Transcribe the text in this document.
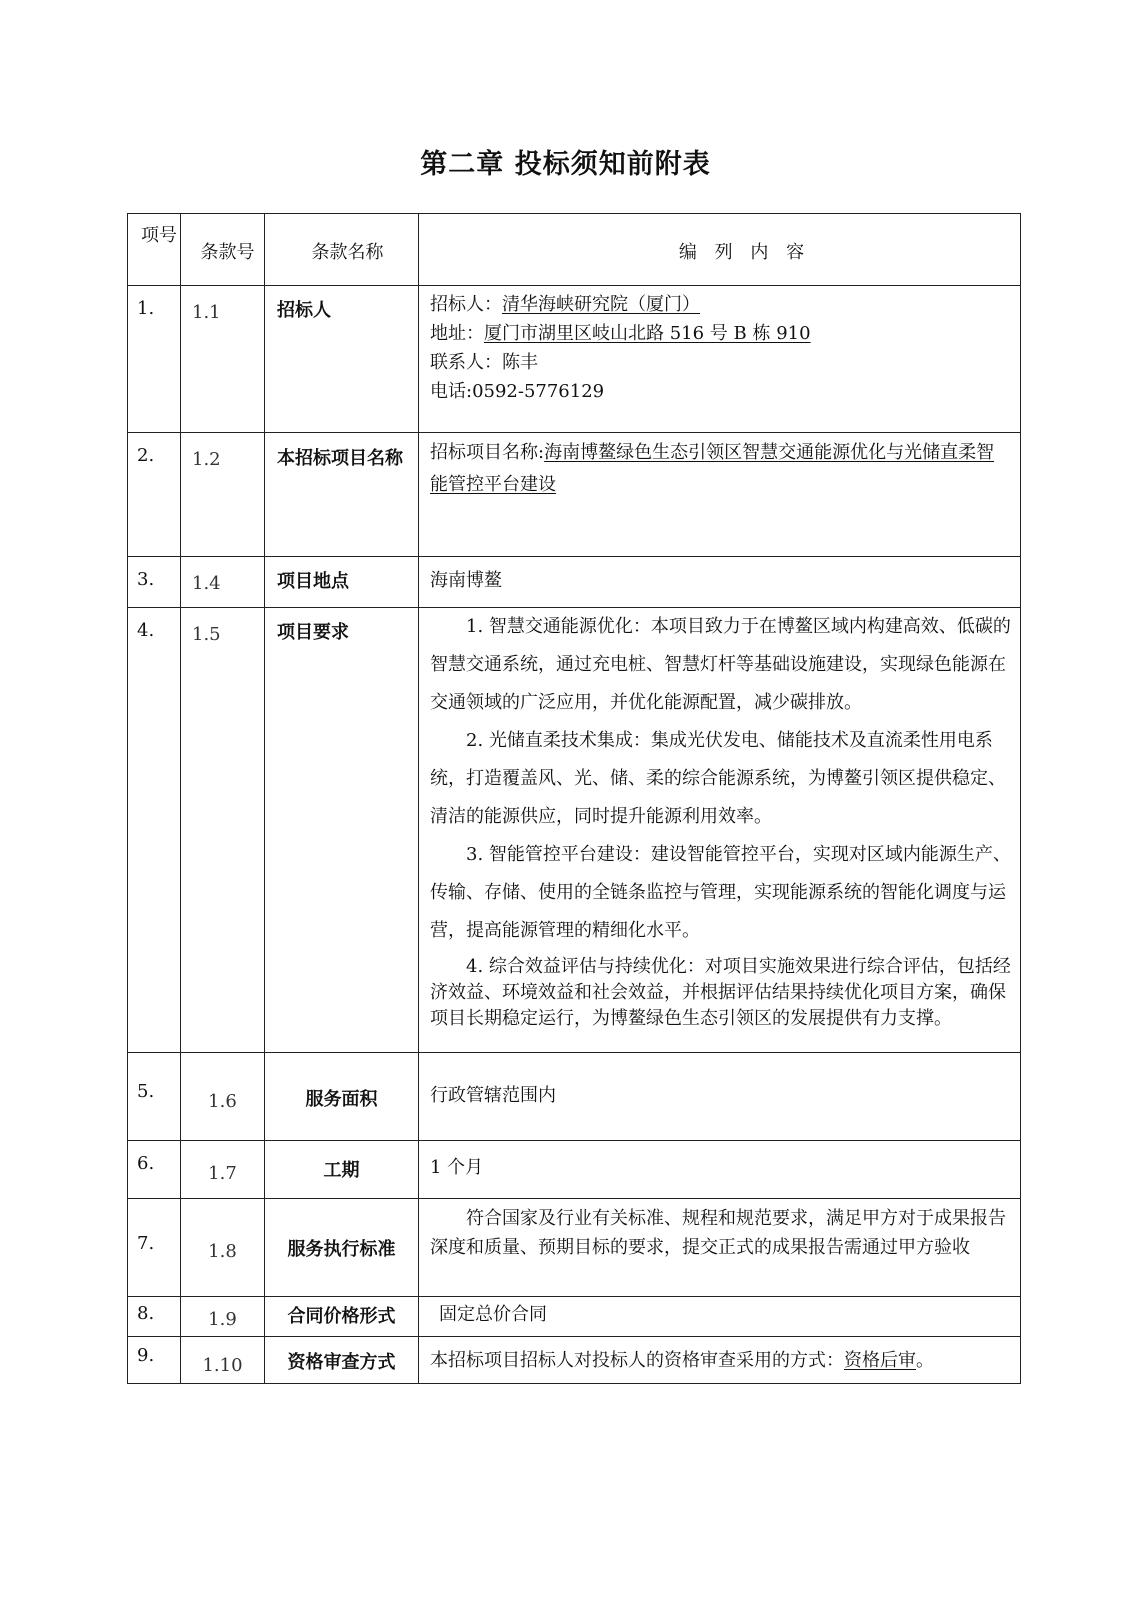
第二章 投标须知前附表
项号	条款号	条款名称	编 列 内 容
1.	1.1	招标人	招标人：清华海峡研究院（厦门）
地址：厦门市湖里区岐山北路 516 号 B 栋 910
联系人：陈丰
电话:0592-5776129

2.	1.2	本招标项目名称	招标项目名称:海南博鳌绿色生态引领区智慧交通能源优化与光储直柔智能管控平台建设
3.	1.4	项目地点	海南博鳌
4.	1.5	项目要求	1. 智慧交通能源优化：本项目致力于在博鳌区域内构建高效、低碳的智慧交通系统，通过充电桩、智慧灯杆等基础设施建设，实现绿色能源在交通领域的广泛应用，并优化能源配置，减少碳排放。

2. 光储直柔技术集成：集成光伏发电、储能技术及直流柔性用电系统，打造覆盖风、光、储、柔的综合能源系统，为博鳌引领区提供稳定、清洁的能源供应，同时提升能源利用效率。

3. 智能管控平台建设：建设智能管控平台，实现对区域内能源生产、传输、存储、使用的全链条监控与管理，实现能源系统的智能化调度与运营，提高能源管理的精细化水平。

4. 综合效益评估与持续优化：对项目实施效果进行综合评估，包括经济效益、环境效益和社会效益，并根据评估结果持续优化项目方案，确保项目长期稳定运行，为博鳌绿色生态引领区的发展提供有力支撑。

5.	1.6	服务面积	行政管辖范围内
6.	1.7	工期	1 个月
7.	1.8	服务执行标准	符合国家及行业有关标准、规程和规范要求，满足甲方对于成果报告深度和质量、预期目标的要求，提交正式的成果报告需通过甲方验收

8.	1.9	合同价格形式	固定总价合同
9.	1.10	资格审查方式	本招标项目招标人对投标人的资格审查采用的方式：资格后审。
